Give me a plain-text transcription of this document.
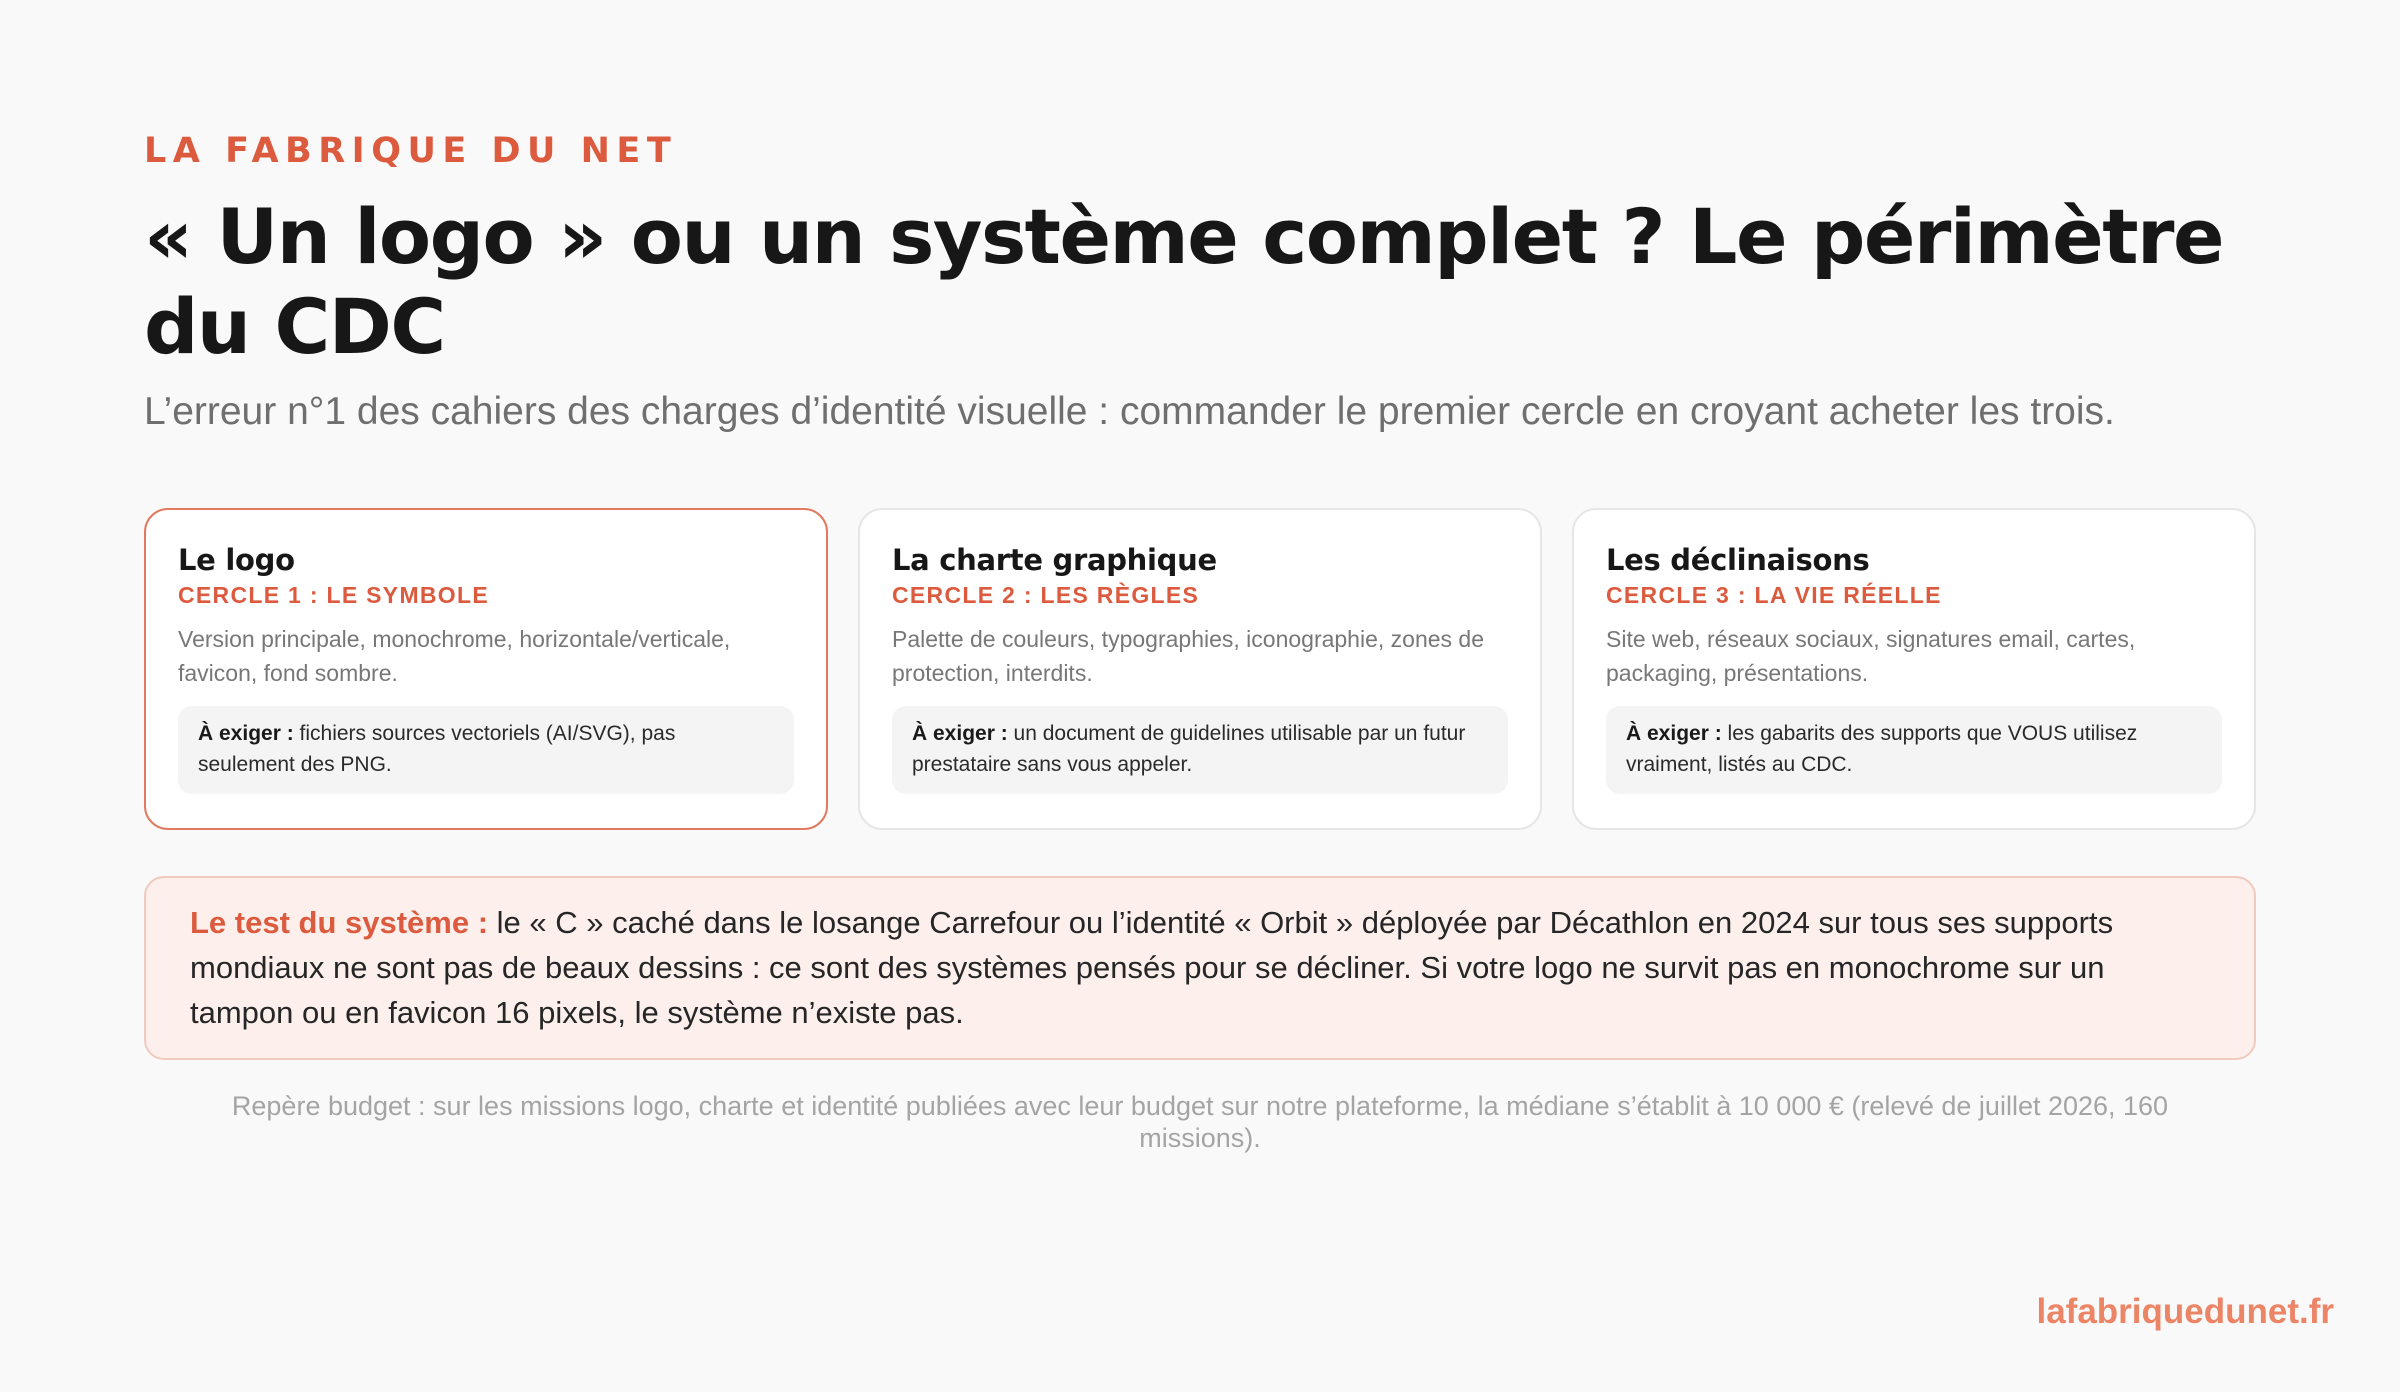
LA FABRIQUE DU NET
« Un logo » ou un système complet ? Le périmètre du CDC

L’erreur n°1 des cahiers des charges d’identité visuelle : commander le premier cercle en croyant acheter les trois.

Le logo
CERCLE 1 : LE SYMBOLE
Version principale, monochrome, horizontale/verticale, favicon, fond sombre.
À exiger : fichiers sources vectoriels (AI/SVG), pas seulement des PNG.
La charte graphique
CERCLE 2 : LES RÈGLES
Palette de couleurs, typographies, iconographie, zones de protection, interdits.
À exiger : un document de guidelines utilisable par un futur prestataire sans vous appeler.
Les déclinaisons
CERCLE 3 : LA VIE RÉELLE
Site web, réseaux sociaux, signatures email, cartes, packaging, présentations.
À exiger : les gabarits des supports que VOUS utilisez vraiment, listés au CDC.
Le test du système : le « C » caché dans le losange Carrefour ou l’identité « Orbit » déployée par Décathlon en 2024 sur tous ses supports mondiaux ne sont pas de beaux dessins : ce sont des systèmes pensés pour se décliner. Si votre logo ne survit pas en monochrome sur un tampon ou en favicon 16 pixels, le système n’existe pas.
Repère budget : sur les missions logo, charte et identité publiées avec leur budget sur notre plateforme, la médiane s’établit à 10 000 € (relevé de juillet 2026, 160 missions).
lafabriquedunet.fr
